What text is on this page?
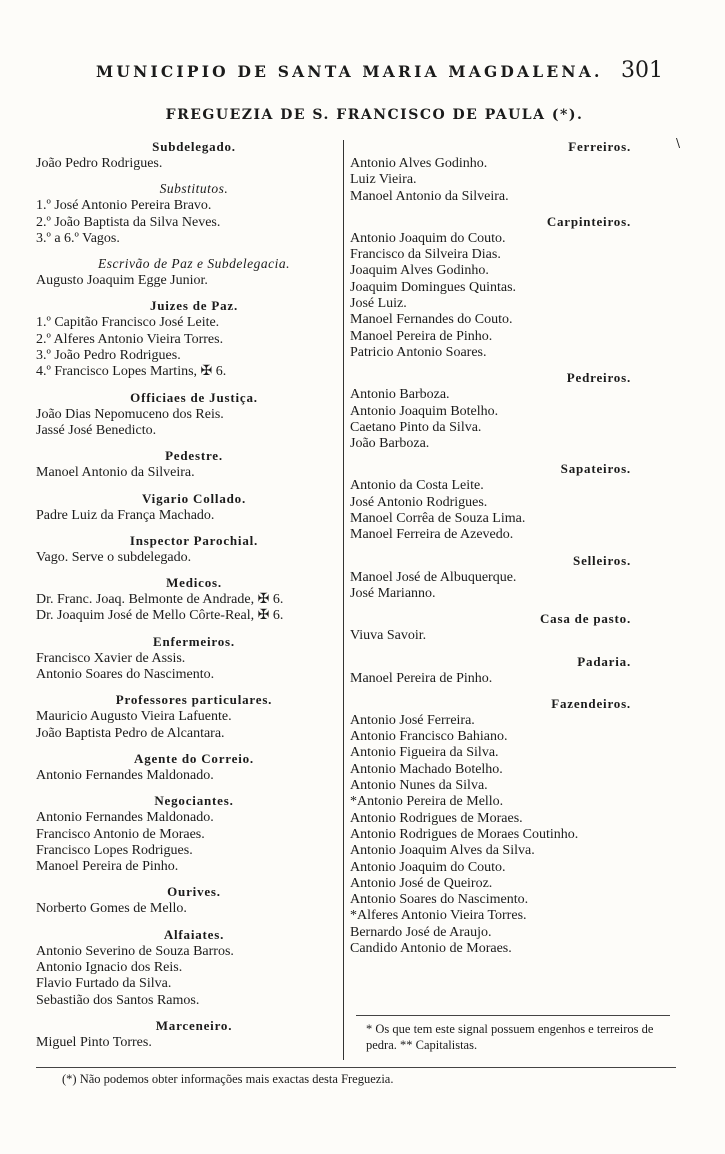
MUNICIPIO DE SANTA MARIA MAGDALENA. 301
FREGUEZIA DE S. FRANCISCO DE PAULA (*).
\
Subdelegado.
João Pedro Rodrigues.
Substitutos.
1.º José Antonio Pereira Bravo.
2.º João Baptista da Silva Neves.
3.º a 6.º Vagos.
Escrivão de Paz e Subdelegacia.
Augusto Joaquim Egge Junior.
Juizes de Paz.
1.º Capitão Francisco José Leite.
2.º Alferes Antonio Vieira Torres.
3.º João Pedro Rodrigues.
4.º Francisco Lopes Martins, ✠ 6.
Officiaes de Justiça.
João Dias Nepomuceno dos Reis.
Jassé José Benedicto.
Pedestre.
Manoel Antonio da Silveira.
Vigario Collado.
Padre Luiz da França Machado.
Inspector Parochial.
Vago. Serve o subdelegado.
Medicos.
Dr. Franc. Joaq. Belmonte de Andrade, ✠ 6.
Dr. Joaquim José de Mello Côrte-Real, ✠ 6.
Enfermeiros.
Francisco Xavier de Assis.
Antonio Soares do Nascimento.
Professores particulares.
Mauricio Augusto Vieira Lafuente.
João Baptista Pedro de Alcantara.
Agente do Correio.
Antonio Fernandes Maldonado.
Negociantes.
Antonio Fernandes Maldonado.
Francisco Antonio de Moraes.
Francisco Lopes Rodrigues.
Manoel Pereira de Pinho.
Ourives.
Norberto Gomes de Mello.
Alfaiates.
Antonio Severino de Souza Barros.
Antonio Ignacio dos Reis.
Flavio Furtado da Silva.
Sebastião dos Santos Ramos.
Marceneiro.
Miguel Pinto Torres.
Ferreiros.
Antonio Alves Godinho.
Luiz Vieira.
Manoel Antonio da Silveira.
Carpinteiros.
Antonio Joaquim do Couto.
Francisco da Silveira Dias.
Joaquim Alves Godinho.
Joaquim Domingues Quintas.
José Luiz.
Manoel Fernandes do Couto.
Manoel Pereira de Pinho.
Patricio Antonio Soares.
Pedreiros.
Antonio Barboza.
Antonio Joaquim Botelho.
Caetano Pinto da Silva.
João Barboza.
Sapateiros.
Antonio da Costa Leite.
José Antonio Rodrigues.
Manoel Corrêa de Souza Lima.
Manoel Ferreira de Azevedo.
Selleiros.
Manoel José de Albuquerque.
José Marianno.
Casa de pasto.
Viuva Savoir.
Padaria.
Manoel Pereira de Pinho.
Fazendeiros.
Antonio José Ferreira.
Antonio Francisco Bahiano.
Antonio Figueira da Silva.
Antonio Machado Botelho.
Antonio Nunes da Silva.
*Antonio Pereira de Mello.
Antonio Rodrigues de Moraes.
Antonio Rodrigues de Moraes Coutinho.
Antonio Joaquim Alves da Silva.
Antonio Joaquim do Couto.
Antonio José de Queiroz.
Antonio Soares do Nascimento.
*Alferes Antonio Vieira Torres.
Bernardo José de Araujo.
Candido Antonio de Moraes.
* Os que tem este signal possuem engenhos e terreiros de pedra. ** Capitalistas.
(*) Não podemos obter informações mais exactas desta Freguezia.
